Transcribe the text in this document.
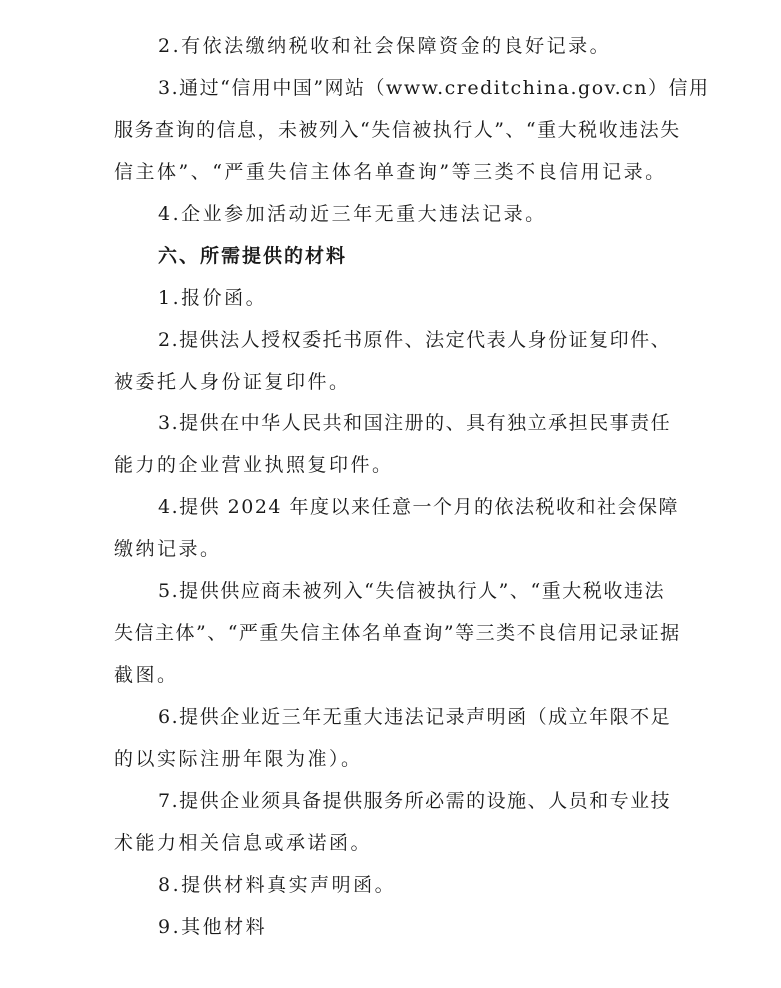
2.有依法缴纳税收和社会保障资金的良好记录。
3.通过“信用中国”网站（www.creditchina.gov.cn）信用
服务查询的信息，未被列入“失信被执行人”、“重大税收违法失
信主体”、“严重失信主体名单查询”等三类不良信用记录。
4.企业参加活动近三年无重大违法记录。
六、所需提供的材料
1.报价函。
2.提供法人授权委托书原件、法定代表人身份证复印件、
被委托人身份证复印件。
3.提供在中华人民共和国注册的、具有独立承担民事责任
能力的企业营业执照复印件。
4.提供 2024 年度以来任意一个月的依法税收和社会保障
缴纳记录。
5.提供供应商未被列入“失信被执行人”、“重大税收违法
失信主体”、“严重失信主体名单查询”等三类不良信用记录证据
截图。
6.提供企业近三年无重大违法记录声明函（成立年限不足
的以实际注册年限为准）。
7.提供企业须具备提供服务所必需的设施、人员和专业技
术能力相关信息或承诺函。
8.提供材料真实声明函。
9.其他材料
